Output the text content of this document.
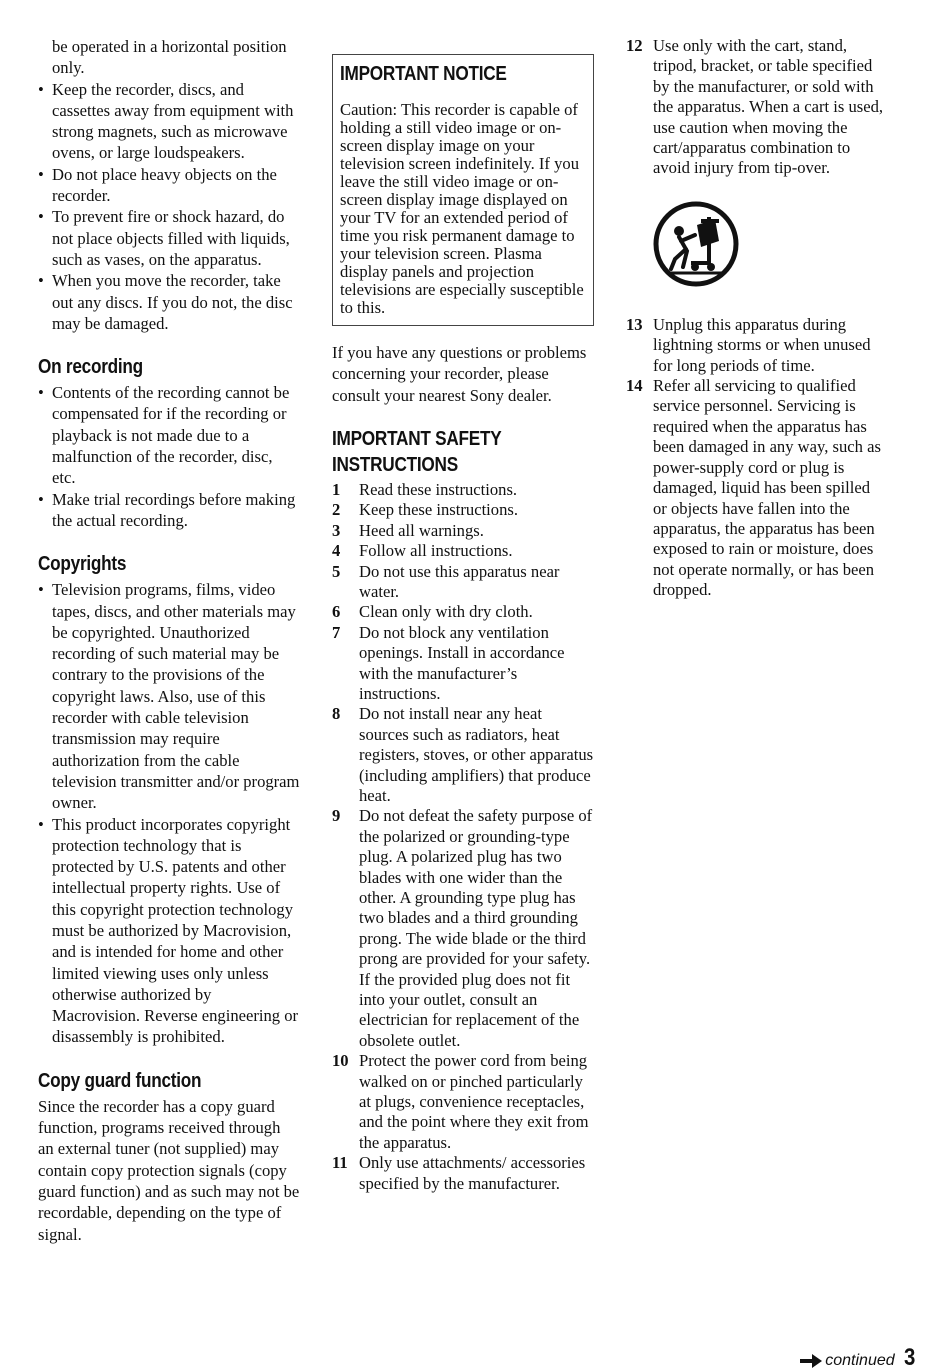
be operated in a horizontal position only.

• Keep the recorder, discs, and cassettes away from equipment with strong magnets, such as microwave ovens, or large loudspeakers.
• Do not place heavy objects on the recorder.
• To prevent fire or shock hazard, do not place objects filled with liquids, such as vases, on the apparatus.
• When you move the recorder, take out any discs. If you do not, the disc may be damaged.
On recording
• Contents of the recording cannot be compensated for if the recording or playback is not made due to a malfunction of the recorder, disc, etc.
• Make trial recordings before making the actual recording.
Copyrights
• Television programs, films, video tapes, discs, and other materials may be copyrighted. Unauthorized recording of such material may be contrary to the provisions of the copyright laws. Also, use of this recorder with cable television transmission may require authorization from the cable television transmitter and/or program owner.
• This product incorporates copyright protection technology that is protected by U.S. patents and other intellectual property rights. Use of this copyright protection technology must be authorized by Macrovision, and is intended for home and other limited viewing uses only unless otherwise authorized by Macrovision. Reverse engineering or disassembly is prohibited.
Copy guard function

Since the recorder has a copy guard function, programs received through an external tuner (not supplied) may contain copy protection signals (copy guard function) and as such may not be recordable, depending on the type of signal.

IMPORTANT NOTICE

Caution: This recorder is capable of holding a still video image or on-screen display image on your television screen indefinitely. If you leave the still video image or on-screen display image displayed on your TV for an extended period of time you risk permanent damage to your television screen. Plasma display panels and projection televisions are especially susceptible to this.

If you have any questions or problems concerning your recorder, please consult your nearest Sony dealer.

IMPORTANT SAFETY INSTRUCTIONS
1 Read these instructions.
2 Keep these instructions.
3 Heed all warnings.
4 Follow all instructions.
5 Do not use this apparatus near water.
6 Clean only with dry cloth.
7 Do not block any ventilation openings. Install in accordance with the manufacturer’s instructions.
8 Do not install near any heat sources such as radiators, heat registers, stoves, or other apparatus (including amplifiers) that produce heat.
9 Do not defeat the safety purpose of the polarized or grounding-type plug. A polarized plug has two blades with one wider than the other. A grounding type plug has two blades and a third grounding prong. The wide blade or the third prong are provided for your safety. If the provided plug does not fit into your outlet, consult an electrician for replacement of the obsolete outlet.
10 Protect the power cord from being walked on or pinched particularly at plugs, convenience receptacles, and the point where they exit from the apparatus.
11 Only use attachments/ accessories specified by the manufacturer.
12 Use only with the cart, stand, tripod, bracket, or table specified by the manufacturer, or sold with the apparatus. When a cart is used, use caution when moving the cart/apparatus combination to avoid injury from tip-over.
13 Unplug this apparatus during lightning storms or when unused for long periods of time.
14 Refer all servicing to qualified service personnel. Servicing is required when the apparatus has been damaged in any way, such as power-supply cord or plug is damaged, liquid has been spilled or objects have fallen into the apparatus, the apparatus has been exposed to rain or moisture, does not operate normally, or has been dropped.
continued 3
